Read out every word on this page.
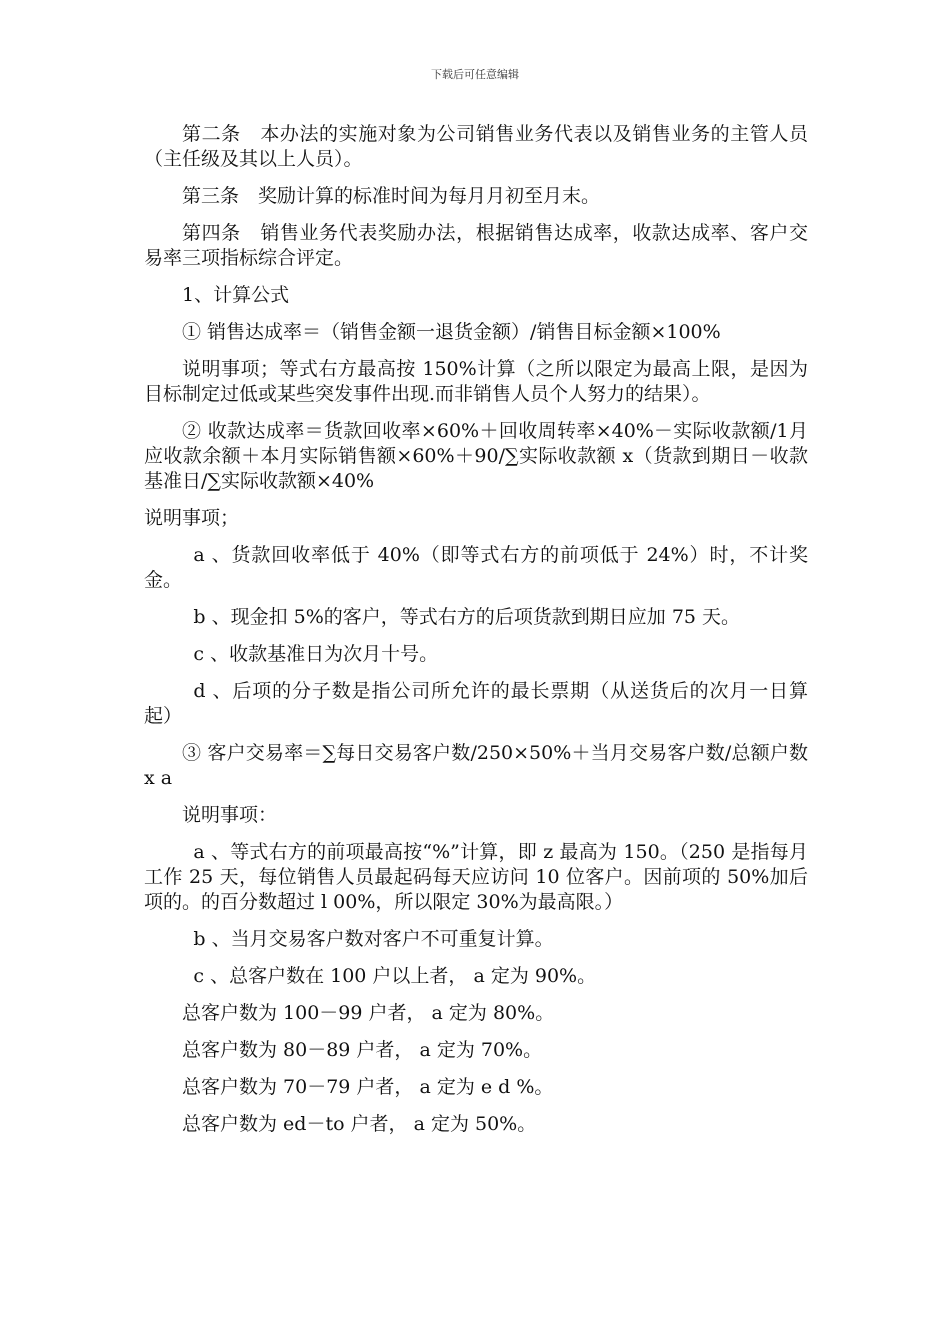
下载后可任意编辑

第二条　本办法的实施对象为公司销售业务代表以及销售业务的主管人员（主任级及其以上人员）。

第三条　奖励计算的标准时间为每月月初至月末。

第四条　销售业务代表奖励办法，根据销售达成率，收款达成率、客户交易率三项指标综合评定。

1、计算公式

① 销售达成率＝（销售金额一退货金额）/销售目标金额×100%

说明事项；等式右方最高按 150%计算（之所以限定为最高上限，是因为目标制定过低或某些突发事件出现.而非销售人员个人努力的结果）。

② 收款达成率＝货款回收率×60%＋回收周转率×40%－实际收款额/1月应收款余额＋本月实际销售额×60%＋90/∑实际收款额 x（货款到期日－收款基准日/∑实际收款额×40%

说明事项；

a 、货款回收率低于 40%（即等式右方的前项低于 24%）时，不计奖金。

b 、现金扣 5%的客户，等式右方的后项货款到期日应加 75 天。

c 、收款基准日为次月十号。

d 、后项的分子数是指公司所允许的最长票期（从送货后的次月一日算起）

③ 客户交易率＝∑每日交易客户数/250×50%＋当月交易客户数/总额户数 x a

说明事项：

a 、等式右方的前项最高按“%”计算，即 z 最高为 150。（250 是指每月工作 25 天，每位销售人员最起码每天应访问 10 位客户。因前项的 50%加后项的。的百分数超过 l 00%，所以限定 30%为最高限。）

b 、当月交易客户数对客户不可重复计算。

c 、总客户数在 100 户以上者， a 定为 90%。

总客户数为 100－99 户者， a 定为 80%。

总客户数为 80－89 户者， a 定为 70%。

总客户数为 70－79 户者， a 定为 e d %。

总客户数为 ed－to 户者， a 定为 50%。
